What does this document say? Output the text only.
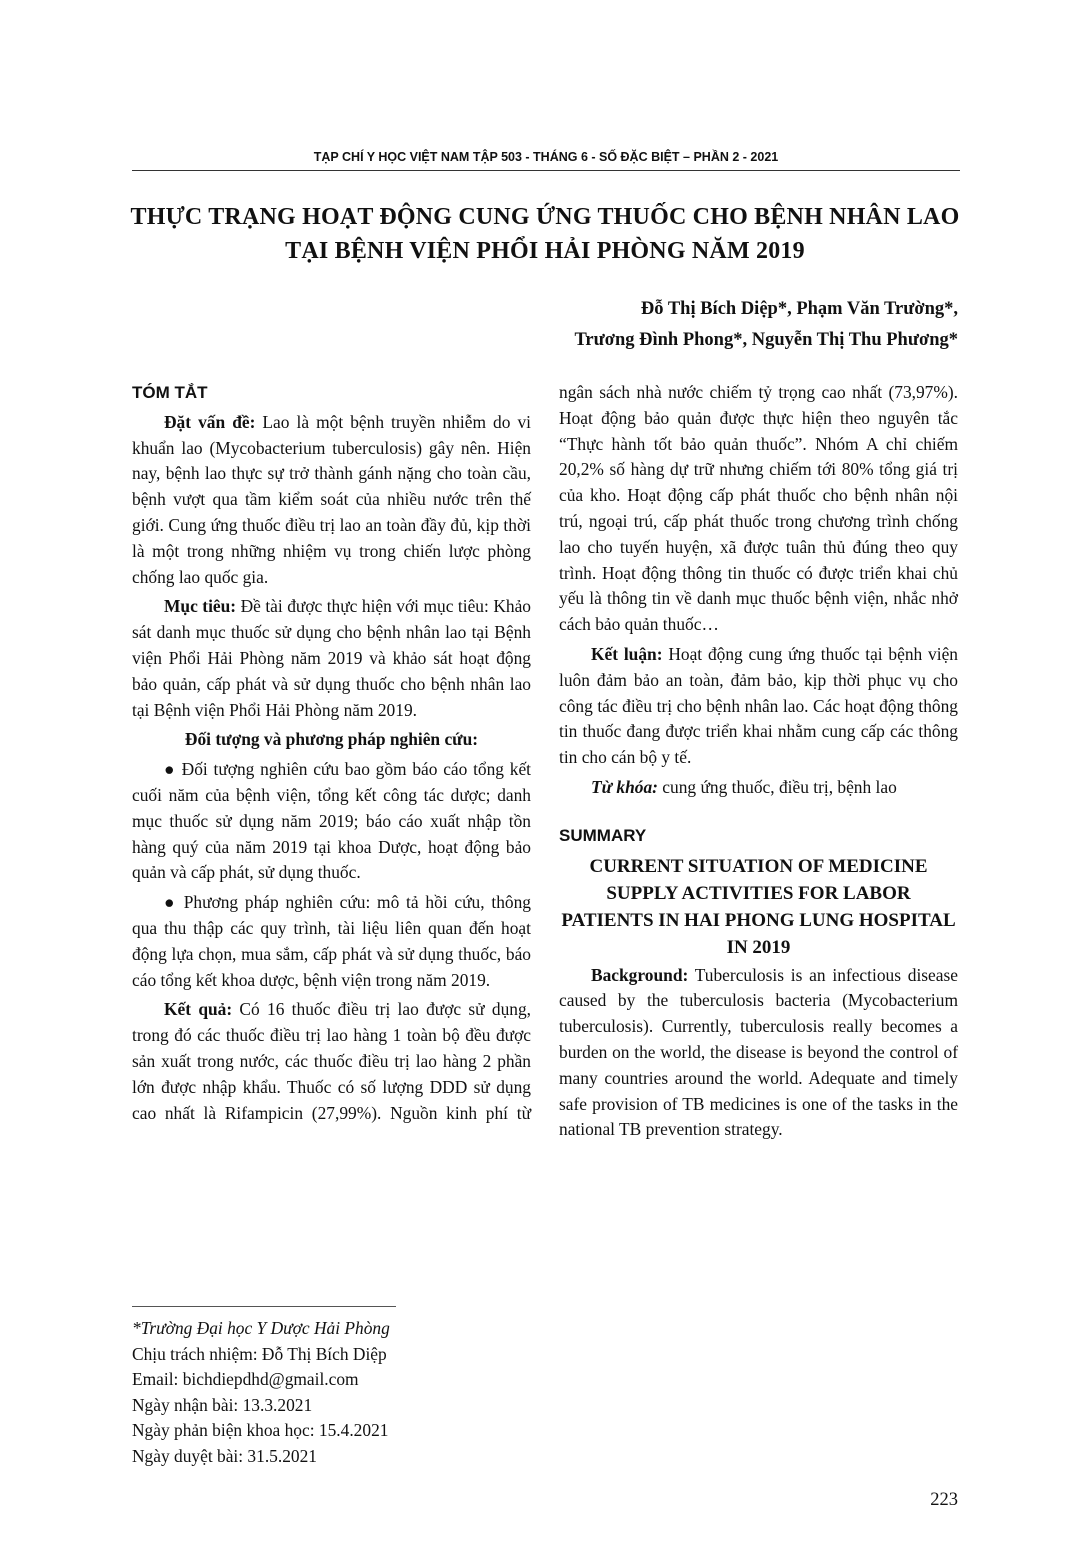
TẠP CHÍ Y HỌC VIỆT NAM TẬP 503 - THÁNG 6 - SỐ ĐẶC BIỆT – PHẦN 2 - 2021
THỰC TRẠNG HOẠT ĐỘNG CUNG ỨNG THUỐC CHO BỆNH NHÂN LAO
TẠI BỆNH VIỆN PHỔI HẢI PHÒNG NĂM 2019
Đỗ Thị Bích Diệp*, Phạm Văn Trường*,
Trương Đình Phong*, Nguyễn Thị Thu Phương*
TÓM TẮT

Đặt vấn đề: Lao là một bệnh truyền nhiễm do vi khuẩn lao (Mycobacterium tuberculosis) gây nên. Hiện nay, bệnh lao thực sự trở thành gánh nặng cho toàn cầu, bệnh vượt qua tầm kiểm soát của nhiều nước trên thế giới. Cung ứng thuốc điều trị lao an toàn đầy đủ, kịp thời là một trong những nhiệm vụ trong chiến lược phòng chống lao quốc gia.

Mục tiêu: Đề tài được thực hiện với mục tiêu: Khảo sát danh mục thuốc sử dụng cho bệnh nhân lao tại Bệnh viện Phổi Hải Phòng năm 2019 và khảo sát hoạt động bảo quản, cấp phát và sử dụng thuốc cho bệnh nhân lao tại Bệnh viện Phổi Hải Phòng năm 2019.

Đối tượng và phương pháp nghiên cứu:

● Đối tượng nghiên cứu bao gồm báo cáo tổng kết cuối năm của bệnh viện, tổng kết công tác dược; danh mục thuốc sử dụng năm 2019; báo cáo xuất nhập tồn hàng quý của năm 2019 tại khoa Dược, hoạt động bảo quản và cấp phát, sử dụng thuốc.

● Phương pháp nghiên cứu: mô tả hồi cứu, thông qua thu thập các quy trình, tài liệu liên quan đến hoạt động lựa chọn, mua sắm, cấp phát và sử dụng thuốc, báo cáo tổng kết khoa dược, bệnh viện trong năm 2019.

Kết quả: Có 16 thuốc điều trị lao được sử dụng, trong đó các thuốc điều trị lao hàng 1 toàn bộ đều được sản xuất trong nước, các thuốc điều trị lao hàng 2 phần lớn được nhập khẩu. Thuốc có số lượng DDD sử dụng cao nhất là Rifampicin (27,99%). Nguồn kinh phí từ ngân sách nhà nước chiếm tỷ trọng cao nhất (73,97%). Hoạt động bảo quản được thực hiện theo nguyên tắc “Thực hành tốt bảo quản thuốc”. Nhóm A chỉ chiếm 20,2% số hàng dự trữ nhưng chiếm tới 80% tổng giá trị của kho. Hoạt động cấp phát thuốc cho bệnh nhân nội trú, ngoại trú, cấp phát thuốc trong chương trình chống lao cho tuyến huyện, xã được tuân thủ đúng theo quy trình. Hoạt động thông tin thuốc có được triển khai chủ yếu là thông tin về danh mục thuốc bệnh viện, nhắc nhở cách bảo quản thuốc…

Kết luận: Hoạt động cung ứng thuốc tại bệnh viện luôn đảm bảo an toàn, đảm bảo, kịp thời phục vụ cho công tác điều trị cho bệnh nhân lao. Các hoạt động thông tin thuốc đang được triển khai nhằm cung cấp các thông tin cho cán bộ y tế.

Từ khóa: cung ứng thuốc, điều trị, bệnh lao

SUMMARY

CURRENT SITUATION OF MEDICINE SUPPLY ACTIVITIES FOR LABOR PATIENTS IN HAI PHONG LUNG HOSPITAL IN 2019

Background: Tuberculosis is an infectious disease caused by the tuberculosis bacteria (Mycobacterium tuberculosis). Currently, tuberculosis really becomes a burden on the world, the disease is beyond the control of many countries around the world. Adequate and timely safe provision of TB medicines is one of the tasks in the national TB prevention strategy.

*Trường Đại học Y Dược Hải Phòng
Chịu trách nhiệm: Đỗ Thị Bích Diệp
Email: bichdiepdhd@gmail.com
Ngày nhận bài: 13.3.2021
Ngày phản biện khoa học: 15.4.2021
Ngày duyệt bài: 31.5.2021
223
